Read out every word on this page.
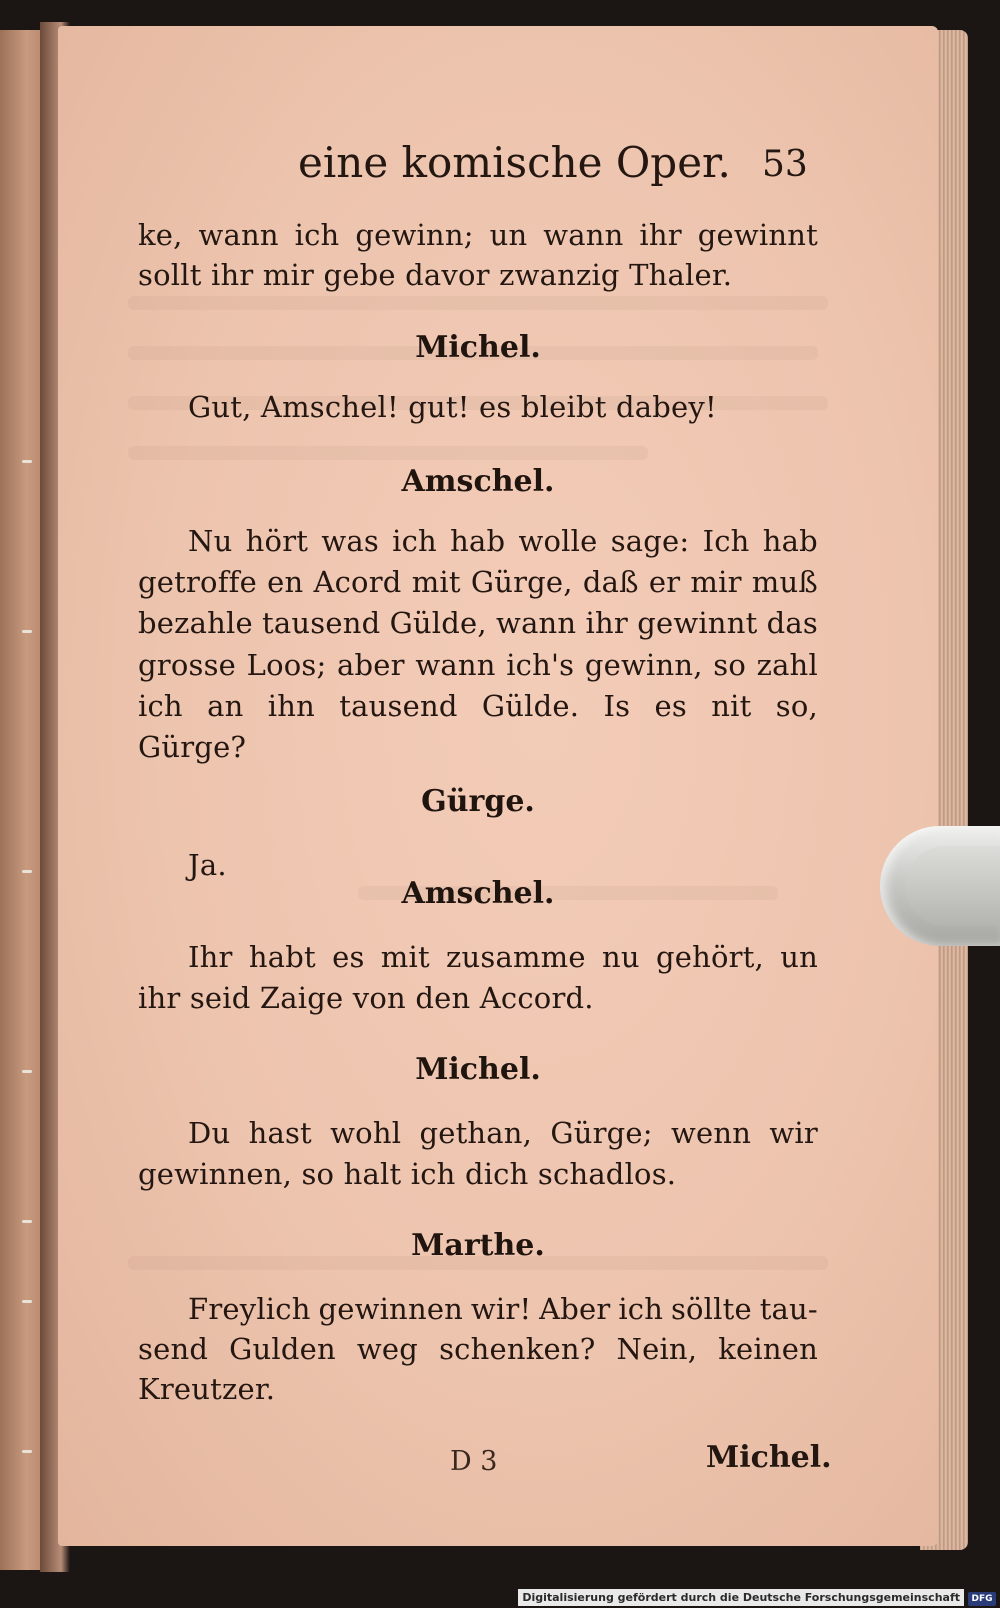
ke, wann ich gewinn; un wann ihr gewinnt
sollt ihr mir gebe davor zwanzig Thaler.
Michel.
Gut, Amschel! gut! es bleibt dabey!
Amschel.
Nu hört was ich hab wolle sage: Ich hab
getroffe en Acord mit Gürge, daß er mir muß
bezahle tausend Gülde, wann ihr gewinnt das
grosse Loos; aber wann ich's gewinn, so zahl
ich an ihn tausend Gülde. Is es nit so,
Gürge?
Gürge.
Ja.
Amschel.
Ihr habt es mit zusamme nu gehört, un
ihr seid Zaige von den Accord.
Michel.
Du hast wohl gethan, Gürge; wenn wir
gewinnen, so halt ich dich schadlos.
Marthe.
Freylich gewinnen wir! Aber ich söllte tau-
send Gulden weg schenken? Nein, keinen
Kreutzer.
eine komische Oper. 53
D 3	Michel.
Digitalisierung gefördert durch die Deutsche Forschungsgemeinschaft	DFG
